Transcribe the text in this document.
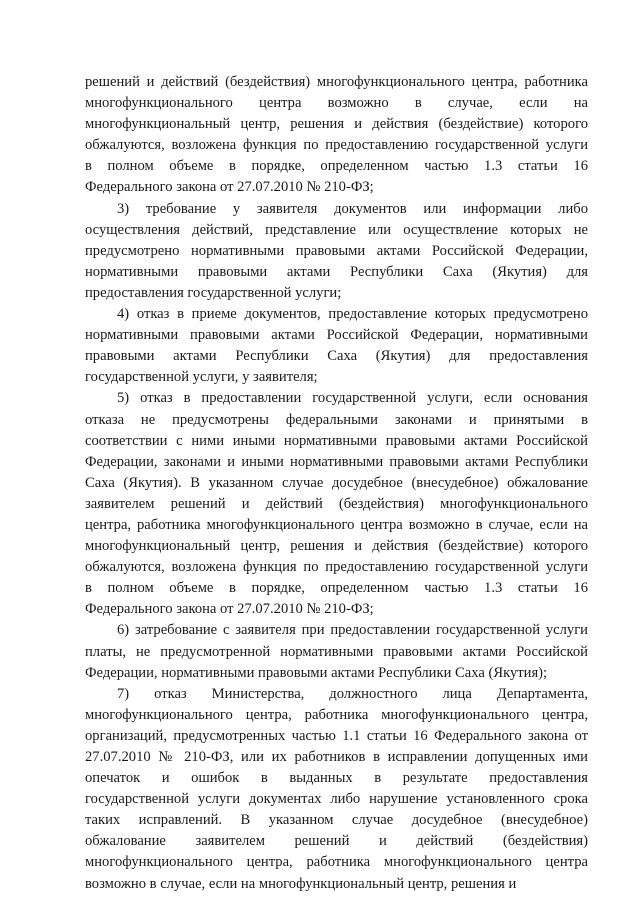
решений и действий (бездействия) многофункционального центра, работника
многофункционального центра возможно в случае, если на
многофункциональный центр, решения и действия (бездействие) которого
обжалуются, возложена функция по предоставлению государственной услуги
в полном объеме в порядке, определенном частью 1.3 статьи 16
Федерального закона от 27.07.2010 № 210-ФЗ;
3) требование у заявителя документов или информации либо
осуществления действий, представление или осуществление которых не
предусмотрено нормативными правовыми актами Российской Федерации,
нормативными правовыми актами Республики Саха (Якутия) для
предоставления государственной услуги;
4) отказ в приеме документов, предоставление которых предусмотрено
нормативными правовыми актами Российской Федерации, нормативными
правовыми актами Республики Саха (Якутия) для предоставления
государственной услуги, у заявителя;
5) отказ в предоставлении государственной услуги, если основания
отказа не предусмотрены федеральными законами и принятыми в
соответствии с ними иными нормативными правовыми актами Российской
Федерации, законами и иными нормативными правовыми актами Республики
Саха (Якутия). В указанном случае досудебное (внесудебное) обжалование
заявителем решений и действий (бездействия) многофункционального
центра, работника многофункционального центра возможно в случае, если на
многофункциональный центр, решения и действия (бездействие) которого
обжалуются, возложена функция по предоставлению государственной услуги
в полном объеме в порядке, определенном частью 1.3 статьи 16
Федерального закона от 27.07.2010 № 210-ФЗ;
6) затребование с заявителя при предоставлении государственной услуги
платы, не предусмотренной нормативными правовыми актами Российской
Федерации, нормативными правовыми актами Республики Саха (Якутия);
7) отказ Министерства, должностного лица Департамента,
многофункционального центра, работника многофункционального центра,
организаций, предусмотренных частью 1.1 статьи 16 Федерального закона от
27.07.2010 № 210-ФЗ, или их работников в исправлении допущенных ими
опечаток и ошибок в выданных в результате предоставления
государственной услуги документах либо нарушение установленного срока
таких исправлений. В указанном случае досудебное (внесудебное)
обжалование заявителем решений и действий (бездействия)
многофункционального центра, работника многофункционального центра
возможно в случае, если на многофункциональный центр, решения и
